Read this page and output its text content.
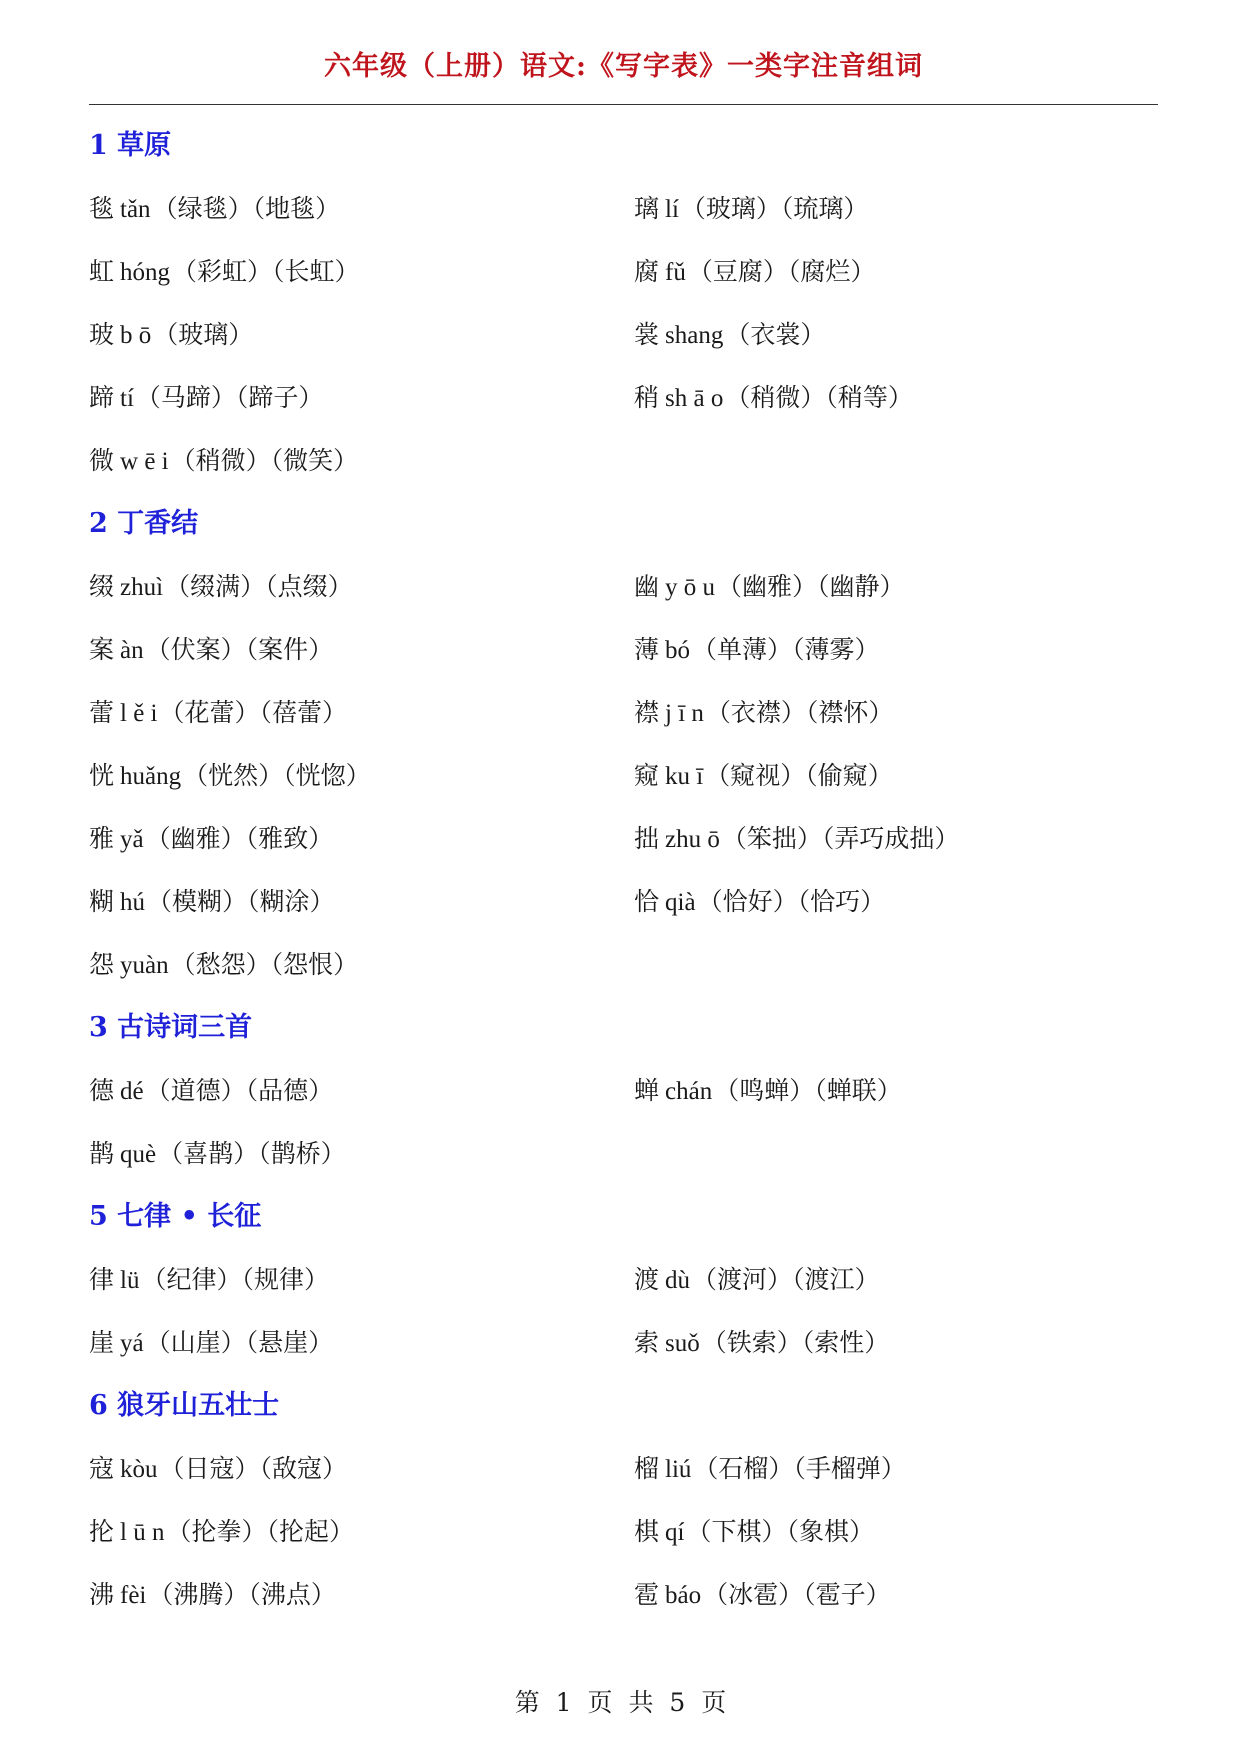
六年级（上册）语文:《写字表》一类字注音组词
1 草原
毯 tǎn（绿毯）（地毯）	璃 lí（玻璃）（琉璃）
虹 hóng（彩虹）（长虹）	腐 fǔ（豆腐）（腐烂）
玻 b ō（玻璃）	裳 shang（衣裳）
蹄 tí（马蹄）（蹄子）	稍 sh ā o（稍微）（稍等）
微 w ē i（稍微）（微笑）
2 丁香结
缀 zhuì（缀满）（点缀）	幽 y ō u（幽雅）（幽静）
案 àn（伏案）（案件）	薄 bó（单薄）（薄雾）
蕾 l ě i（花蕾）（蓓蕾）	襟 j ī n（衣襟）（襟怀）
恍 huǎng（恍然）（恍惚）	窥 ku ī（窥视）（偷窥）
雅 yǎ（幽雅）（雅致）	拙 zhu ō（笨拙）（弄巧成拙）
糊 hú（模糊）（糊涂）	恰 qià（恰好）（恰巧）
怨 yuàn（愁怨）（怨恨）
3 古诗词三首
德 dé（道德）（品德）	蝉 chán（鸣蝉）（蝉联）
鹊 què（喜鹊）（鹊桥）
5 七律 • 长征
律 lü（纪律）（规律）	渡 dù（渡河）（渡江）
崖 yá（山崖）（悬崖）	索 suǒ（铁索）（索性）
6 狼牙山五壮士
寇 kòu（日寇）（敌寇）	榴 liú（石榴）（手榴弹）
抡 l ū n（抡拳）（抡起）	棋 qí（下棋）（象棋）
沸 fèi（沸腾）（沸点）	雹 báo（冰雹）（雹子）
第 1 页 共 5 页
